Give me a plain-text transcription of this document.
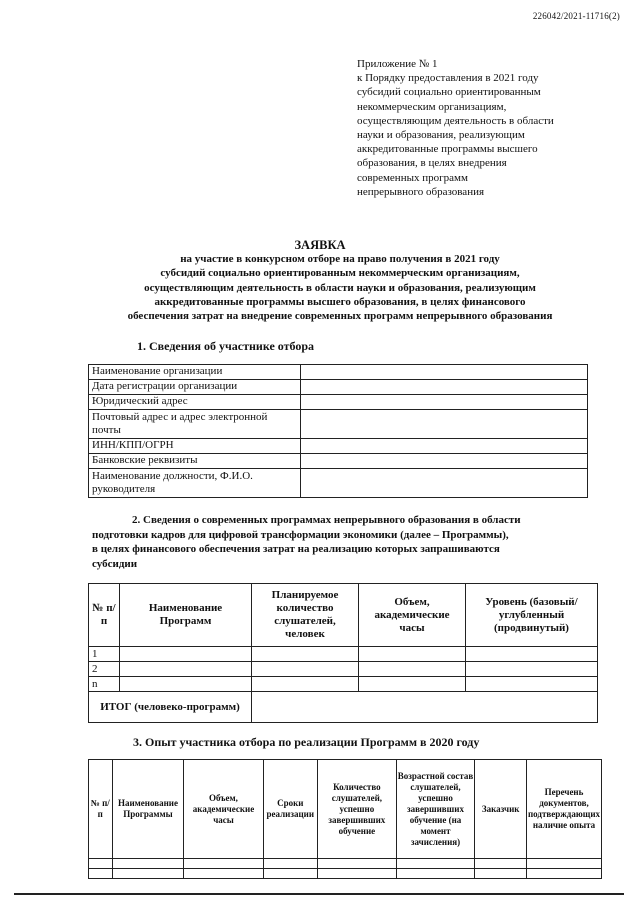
226042/2021-11716(2)
Приложение № 1
к Порядку предоставления в 2021 году
субсидий социально ориентированным
некоммерческим организациям,
осуществляющим деятельность в области
науки и образования, реализующим
аккредитованные программы высшего
образования, в целях внедрения
современных программ
непрерывного образования
ЗАЯВКА
на участие в конкурсном отборе на право получения в 2021 году
субсидий социально ориентированным некоммерческим организациям,
осуществляющим деятельность в области науки и образования, реализующим
аккредитованные программы высшего образования, в целях финансового
обеспечения затрат на внедрение современных программ непрерывного образования
1. Сведения об участнике отбора
Наименование организации	
Дата регистрации организации	
Юридический адрес	
Почтовый адрес и адрес электронной почты	
ИНН/КПП/ОГРН	
Банковские реквизиты	
Наименование должности, Ф.И.О. руководителя	
2. Сведения о современных программах непрерывного образования в области
подготовки кадров для цифровой трансформации экономики (далее – Программы),
в целях финансового обеспечения затрат на реализацию которых запрашиваются
субсидии
№ п/п	Наименование Программ	Планируемое количество слушателей, человек	Объем, академические часы	Уровень (базовый/ углубленный (продвинутый)
1				
2				
n				
ИТОГ (человеко-программ)				
3. Опыт участника отбора по реализации Программ в 2020 году
№ п/п	Наименование Программы	Объем, академические часы	Сроки реализации	Количество слушателей, успешно завершивших обучение	Возрастной состав слушателей, успешно завершивших обучение (на момент зачисления)	Заказчик	Перечень документов, подтверждающих наличие опыта
